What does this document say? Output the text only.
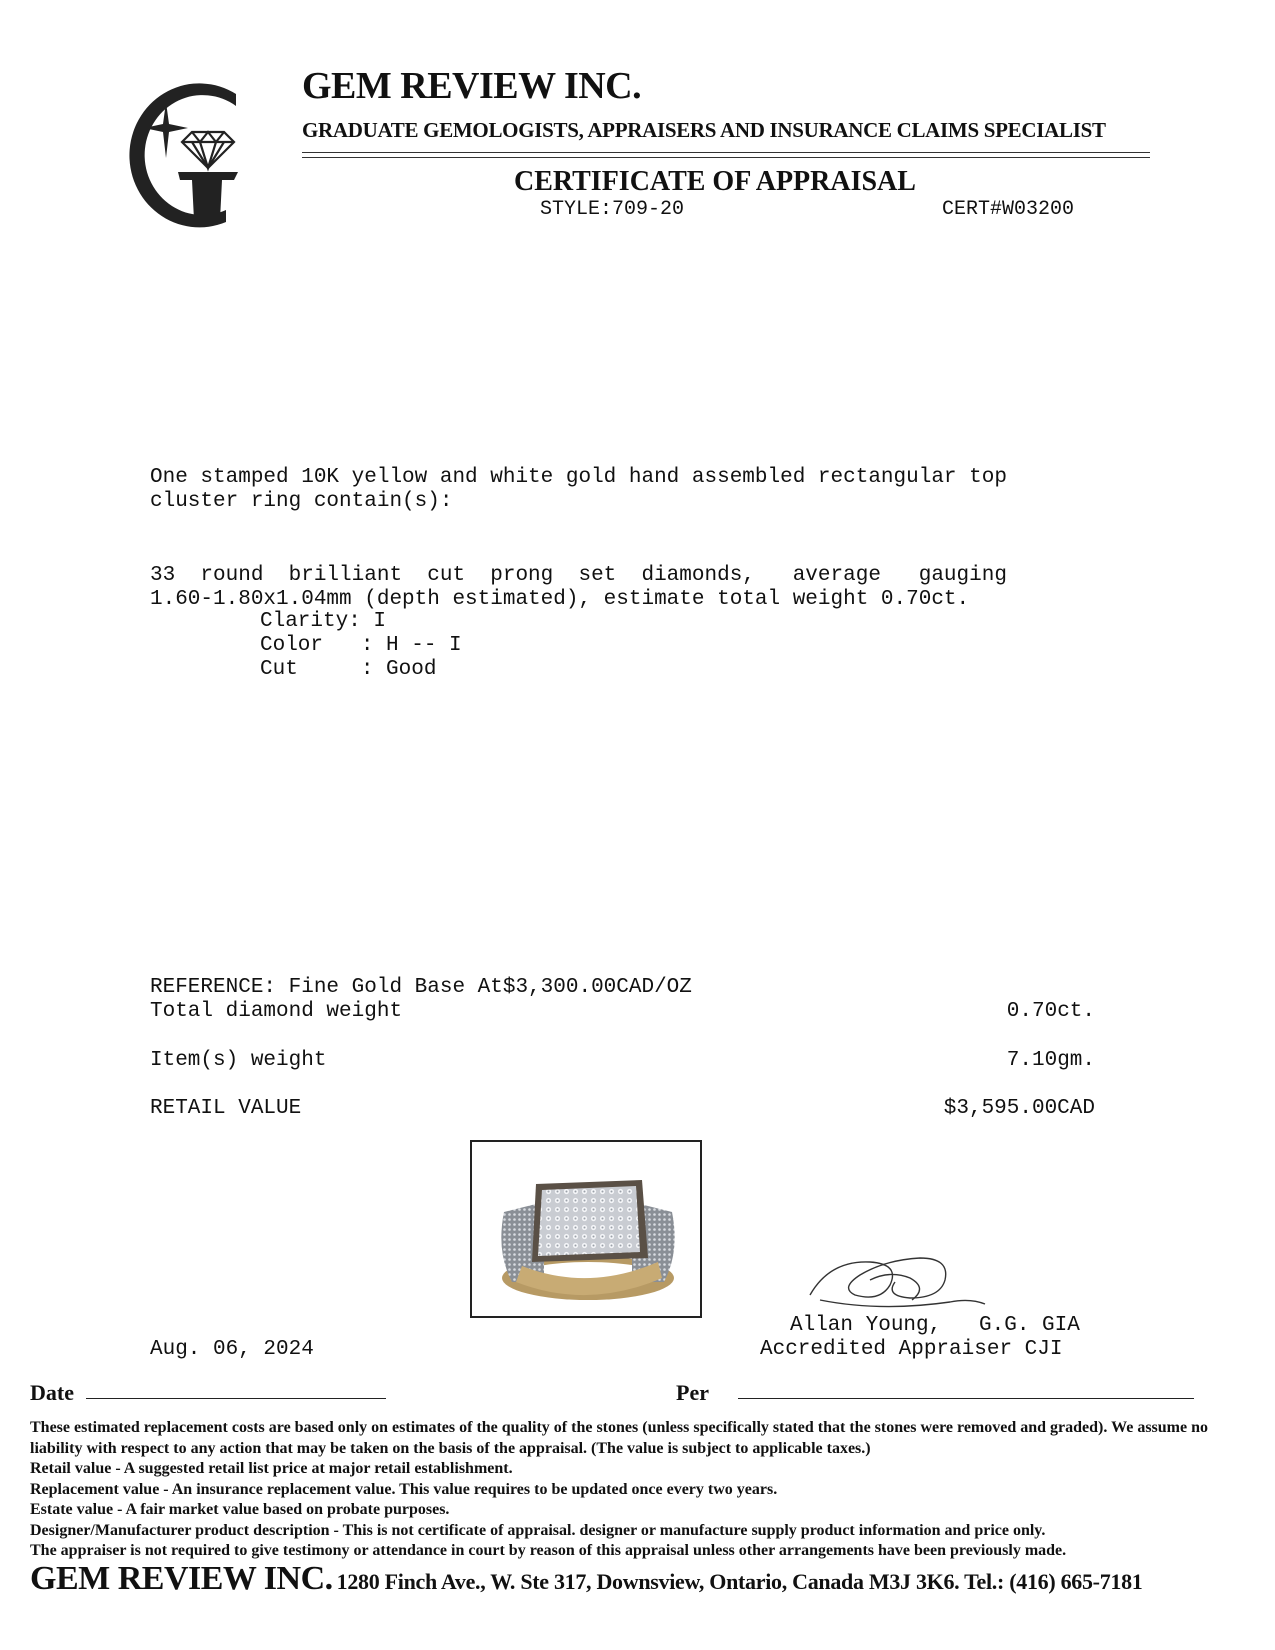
GEM REVIEW INC.
GRADUATE GEMOLOGISTS, APPRAISERS AND INSURANCE CLAIMS SPECIALIST
CERTIFICATE OF APPRAISAL
STYLE:709-20	CERT#W03200
One stamped 10K yellow and white gold hand assembled rectangular top
cluster ring contain(s):
33  round  brilliant  cut  prong  set  diamonds,   average   gauging
1.60-1.80x1.04mm (depth estimated), estimate total weight 0.70ct.
Clarity: I
Color   : H -- I
Cut     : Good
REFERENCE: Fine Gold Base At$3,300.00CAD/OZ
Total diamond weight	0.70ct.
Item(s) weight	7.10gm.
RETAIL VALUE	$3,595.00CAD
Aug. 06, 2024
Allan Young,   G.G. GIA
Accredited Appraiser CJI
Date	Per
These estimated replacement costs are based only on estimates of the quality of the stones (unless specifically stated that the stones were removed and graded). We assume no liability with respect to any action that may be taken on the basis of the appraisal. (The value is subject to applicable taxes.)
Retail value - A suggested retail list price at major retail establishment.
Replacement value - An insurance replacement value. This value requires to be updated once every two years.
Estate value - A fair market value based on probate purposes.
Designer/Manufacturer product description - This is not certificate of appraisal. designer or manufacture supply product information and price only.
The appraiser is not required to give testimony or attendance in court by reason of this appraisal unless other arrangements have been previously made.
GEM REVIEW INC. 1280 Finch Ave., W. Ste 317, Downsview, Ontario, Canada M3J 3K6. Tel.: (416) 665-7181
